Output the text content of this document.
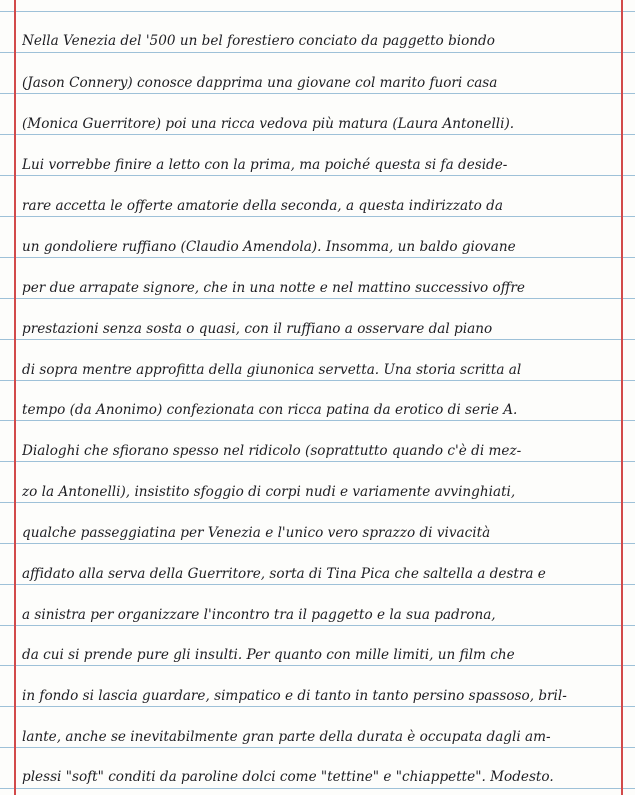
Nella Venezia del '500 un bel forestiero conciato da paggetto biondo
(Jason Connery) conosce dapprima una giovane col marito fuori casa
(Monica Guerritore) poi una ricca vedova più matura (Laura Antonelli).
Lui vorrebbe finire a letto con la prima, ma poiché questa si fa deside-
rare accetta le offerte amatorie della seconda, a questa indirizzato da
un gondoliere ruffiano (Claudio Amendola). Insomma, un baldo giovane
per due arrapate signore, che in una notte e nel mattino successivo offre
prestazioni senza sosta o quasi, con il ruffiano a osservare dal piano
di sopra mentre approfitta della giunonica servetta. Una storia scritta al
tempo (da Anonimo) confezionata con ricca patina da erotico di serie A.
Dialoghi che sfiorano spesso nel ridicolo (soprattutto quando c'è di mez-
zo la Antonelli), insistito sfoggio di corpi nudi e variamente avvinghiati,
qualche passeggiatina per Venezia e l'unico vero sprazzo di vivacità
affidato alla serva della Guerritore, sorta di Tina Pica che saltella a destra e
a sinistra per organizzare l'incontro tra il paggetto e la sua padrona,
da cui si prende pure gli insulti. Per quanto con mille limiti, un film che
in fondo si lascia guardare, simpatico e di tanto in tanto persino spassoso, bril-
lante, anche se inevitabilmente gran parte della durata è occupata dagli am-
plessi "soft" conditi da paroline dolci come "tettine" e "chiappette". Modesto.
